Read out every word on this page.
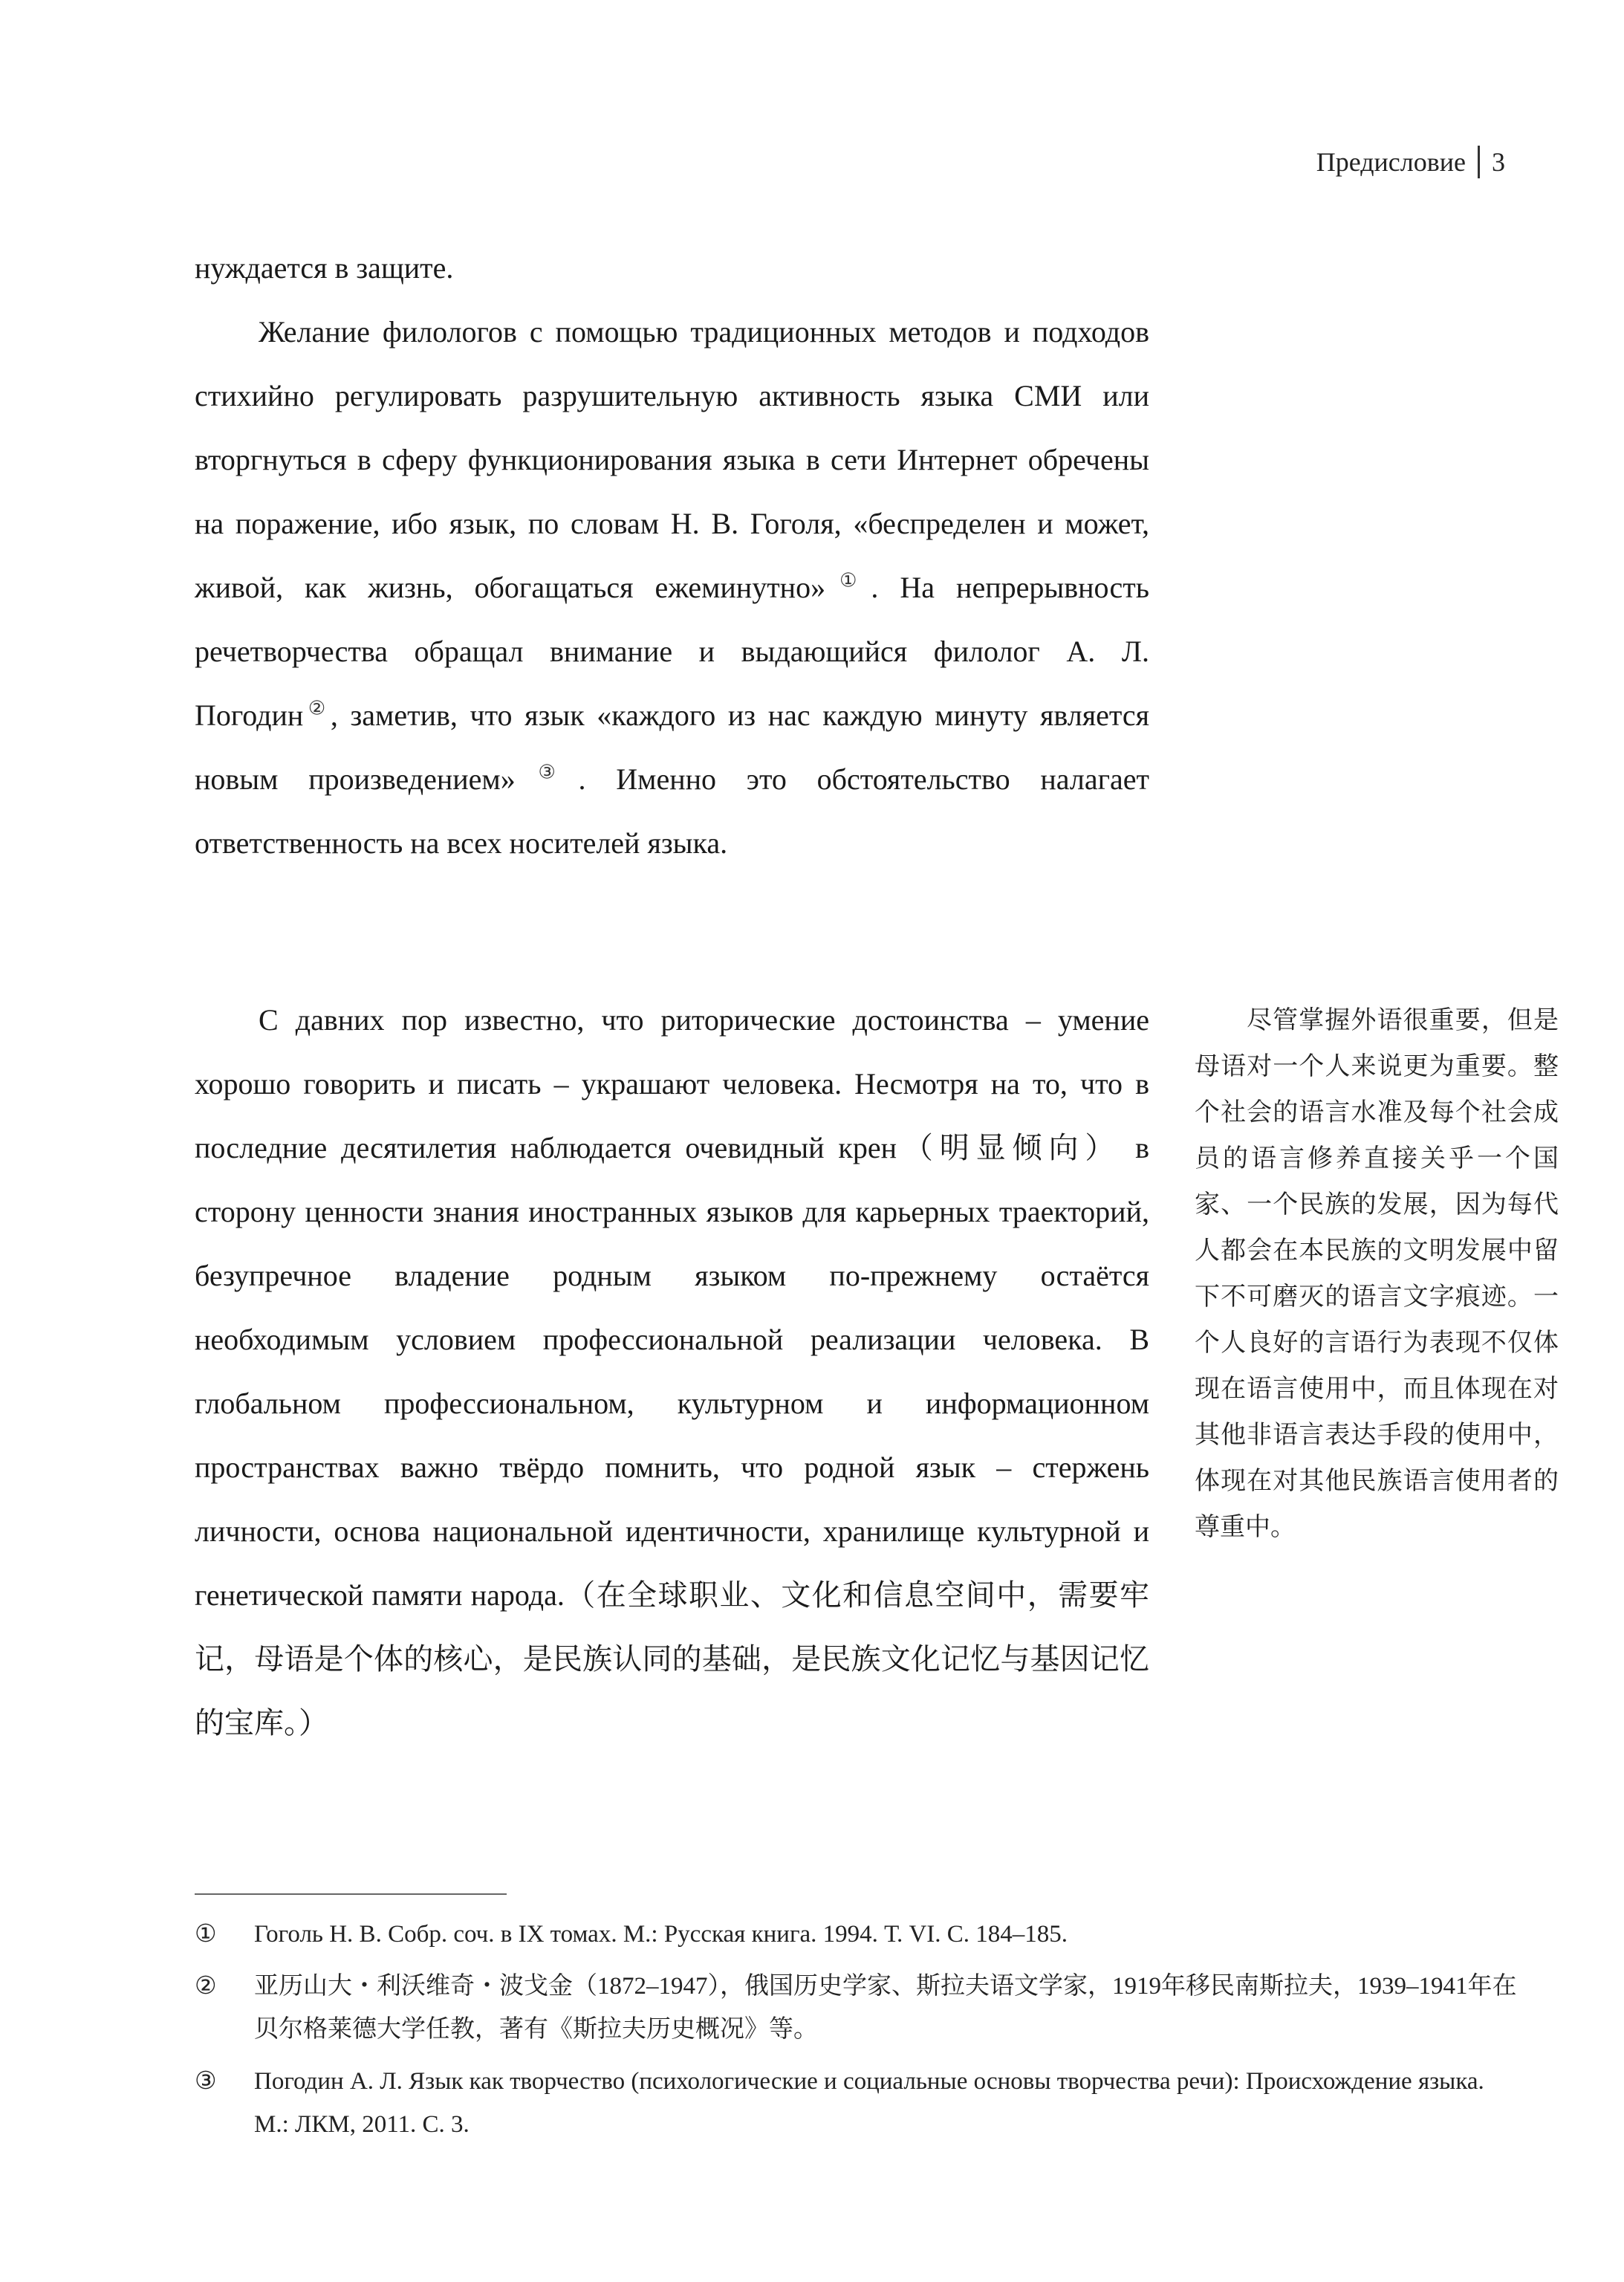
Предисловие 3

нуждается в защите.

Желание филологов с помощью традиционных методов и подходов стихийно регулировать разрушительную активность языка СМИ или вторгнуться в сферу функционирования языка в сети Интернет обречены на поражение, ибо язык, по словам Н. В. Гоголя, «беспределен и может, живой, как жизнь, обогащаться ежеминутно»①. На непрерывность речетворчества обращал внимание и выдающийся филолог А. Л. Погодин②, заметив, что язык «каждого из нас каждую минуту является новым произведением»③. Именно это обстоятельство налагает ответственность на всех носителей языка.

С давних пор известно, что риторические достоинства – умение хорошо говорить и писать – украшают человека. Несмотря на то, что в последние десятилетия наблюдается очевидный крен（明显倾向） в сторону ценности знания иностранных языков для карьерных траекторий, безупречное владение родным языком по-прежнему остаётся необходимым условием профессиональной реализации человека. В глобальном профессиональном, культурном и информационном пространствах важно твёрдо помнить, что родной язык – стержень личности, основа национальной идентичности, хранилище культурной и генетической памяти народа.（在全球职业、文化和信息空间中，需要牢记，母语是个体的核心，是民族认同的基础，是民族文化记忆与基因记忆的宝库。）

尽管掌握外语很重要，但是母语对一个人来说更为重要。整个社会的语言水准及每个社会成员的语言修养直接关乎一个国家、一个民族的发展，因为每代人都会在本民族的文明发展中留下不可磨灭的语言文字痕迹。一个人良好的言语行为表现不仅体现在语言使用中，而且体现在对其他非语言表达手段的使用中，体现在对其他民族语言使用者的尊重中。
①	Гоголь Н. В. Собр. соч. в IX томах. М.: Русская книга. 1994. Т. VI. С. 184–185.
②	亚历山大・利沃维奇・波戈金（1872–1947），俄国历史学家、斯拉夫语文学家，1919年移民南斯拉夫，1939–1941年在贝尔格莱德大学任教，著有《斯拉夫历史概况》等。
③	Погодин А. Л. Язык как творчество (психологические и социальные основы творчества речи): Происхождение языка. М.: ЛКМ, 2011. С. 3.
